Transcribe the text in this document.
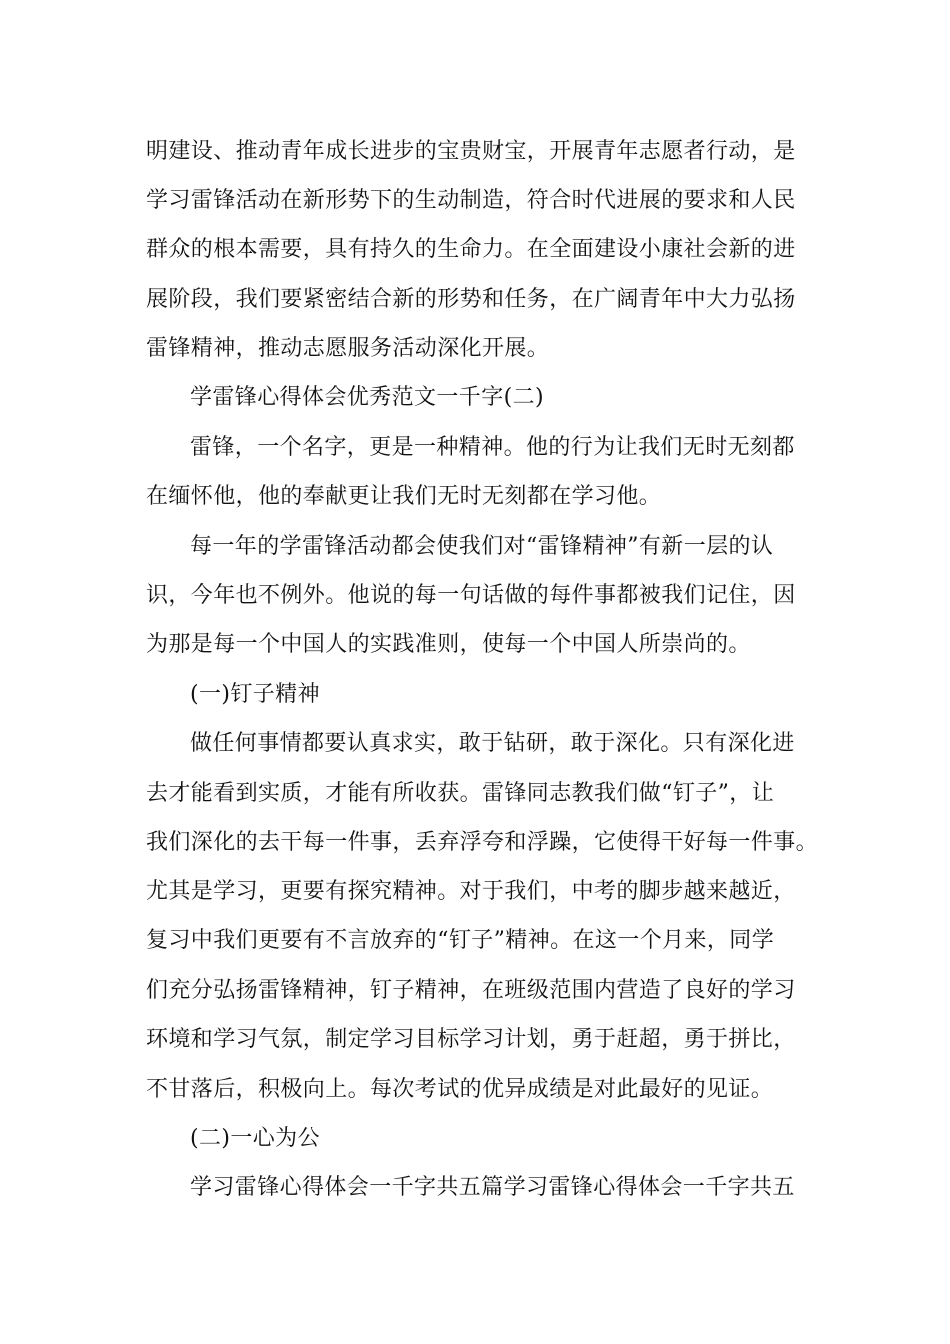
明建设、推动青年成长进步的宝贵财宝，开展青年志愿者行动，是
学习雷锋活动在新形势下的生动制造，符合时代进展的要求和人民
群众的根本需要，具有持久的生命力。在全面建设小康社会新的进
展阶段，我们要紧密结合新的形势和任务，在广阔青年中大力弘扬
雷锋精神，推动志愿服务活动深化开展。
学雷锋心得体会优秀范文一千字(二)
雷锋，一个名字，更是一种精神。他的行为让我们无时无刻都
在缅怀他，他的奉献更让我们无时无刻都在学习他。
每一年的学雷锋活动都会使我们对“雷锋精神”有新一层的认
识，今年也不例外。他说的每一句话做的每件事都被我们记住，因
为那是每一个中国人的实践准则，使每一个中国人所崇尚的。
(一)钉子精神
做任何事情都要认真求实，敢于钻研，敢于深化。只有深化进
去才能看到实质，才能有所收获。雷锋同志教我们做“钉子”，让
我们深化的去干每一件事，丢弃浮夸和浮躁，它使得干好每一件事。
尤其是学习，更要有探究精神。对于我们，中考的脚步越来越近，
复习中我们更要有不言放弃的“钉子”精神。在这一个月来，同学
们充分弘扬雷锋精神，钉子精神，在班级范围内营造了良好的学习
环境和学习气氛，制定学习目标学习计划，勇于赶超，勇于拼比，
不甘落后，积极向上。每次考试的优异成绩是对此最好的见证。
(二)一心为公
学习雷锋心得体会一千字共五篇学习雷锋心得体会一千字共五
